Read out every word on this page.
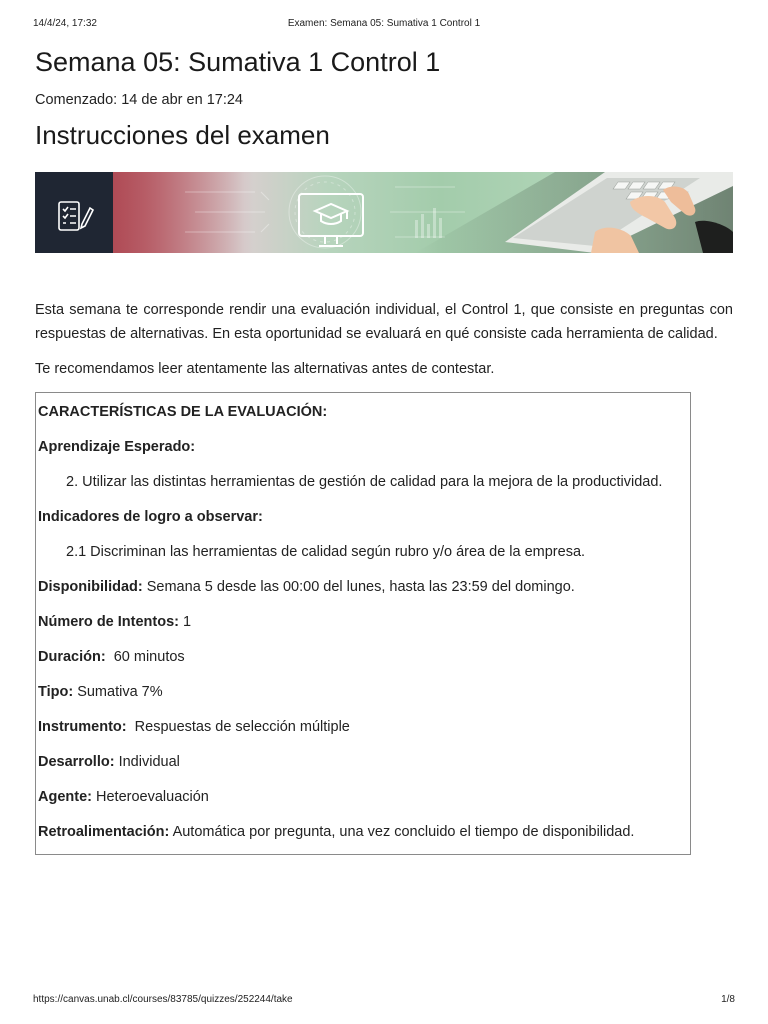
14/4/24, 17:32	Examen: Semana 05: Sumativa 1 Control 1
Semana 05: Sumativa 1 Control 1
Comenzado: 14 de abr en 17:24
Instrucciones del examen
Esta semana te corresponde rendir una evaluación individual, el Control 1, que consiste en preguntas con respuestas de alternativas. En esta oportunidad se evaluará en qué consiste cada herramienta de calidad.
Te recomendamos leer atentamente las alternativas antes de contestar.
CARACTERÍSTICAS DE LA EVALUACIÓN:
Aprendizaje Esperado:
2. Utilizar las distintas herramientas de gestión de calidad para la mejora de la productividad.
Indicadores de logro a observar:
2.1 Discriminan las herramientas de calidad según rubro y/o área de la empresa.
Disponibilidad: Semana 5 desde las 00:00 del lunes, hasta las 23:59 del domingo.
Número de Intentos: 1
Duración:  60 minutos
Tipo: Sumativa 7%
Instrumento:  Respuestas de selección múltiple
Desarrollo: Individual
Agente: Heteroevaluación
Retroalimentación: Automática por pregunta, una vez concluido el tiempo de disponibilidad.
https://canvas.unab.cl/courses/83785/quizzes/252244/take	1/8
